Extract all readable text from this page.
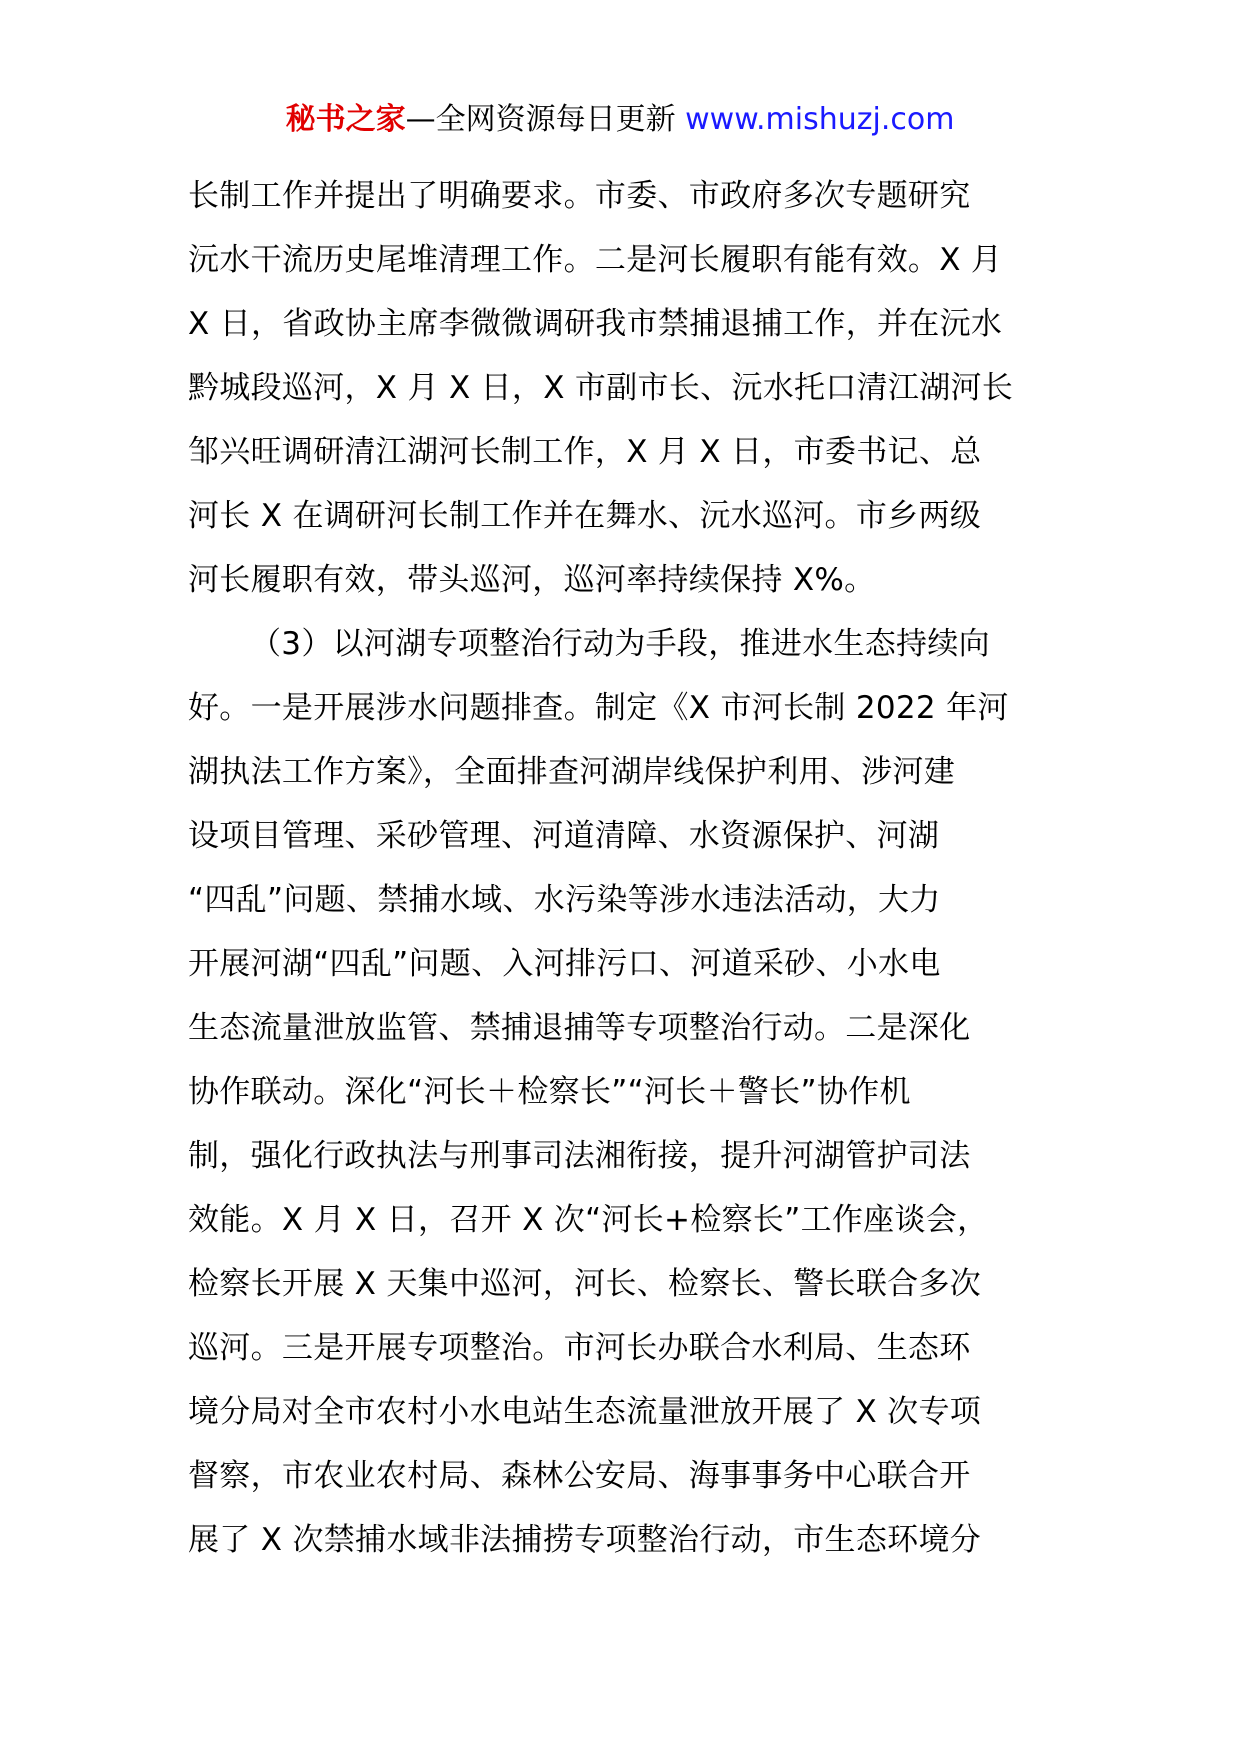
秘书之家—全网资源每日更新 www.mishuzj.com
长制工作并提出了明确要求。市委、市政府多次专题研究
沅水干流历史尾堆清理工作。二是河长履职有能有效。X 月
X 日，省政协主席李微微调研我市禁捕退捕工作，并在沅水
黔城段巡河，X 月 X 日，X 市副市长、沅水托口清江湖河长
邹兴旺调研清江湖河长制工作，X 月 X 日，市委书记、总
河长 X 在调研河长制工作并在舞水、沅水巡河。市乡两级
河长履职有效，带头巡河，巡河率持续保持 X%。
（3）以河湖专项整治行动为手段，推进水生态持续向
好。一是开展涉水问题排查。制定《X 市河长制 2022 年河
湖执法工作方案》，全面排查河湖岸线保护利用、涉河建
设项目管理、采砂管理、河道清障、水资源保护、河湖
“四乱”问题、禁捕水域、水污染等涉水违法活动，大力
开展河湖“四乱”问题、入河排污口、河道采砂、小水电
生态流量泄放监管、禁捕退捕等专项整治行动。二是深化
协作联动。深化“河长＋检察长”“河长＋警长”协作机
制，强化行政执法与刑事司法湘衔接，提升河湖管护司法
效能。X 月 X 日，召开 X 次“河长+检察长”工作座谈会，
检察长开展 X 天集中巡河，河长、检察长、警长联合多次
巡河。三是开展专项整治。市河长办联合水利局、生态环
境分局对全市农村小水电站生态流量泄放开展了 X 次专项
督察，市农业农村局、森林公安局、海事事务中心联合开
展了 X 次禁捕水域非法捕捞专项整治行动，市生态环境分
